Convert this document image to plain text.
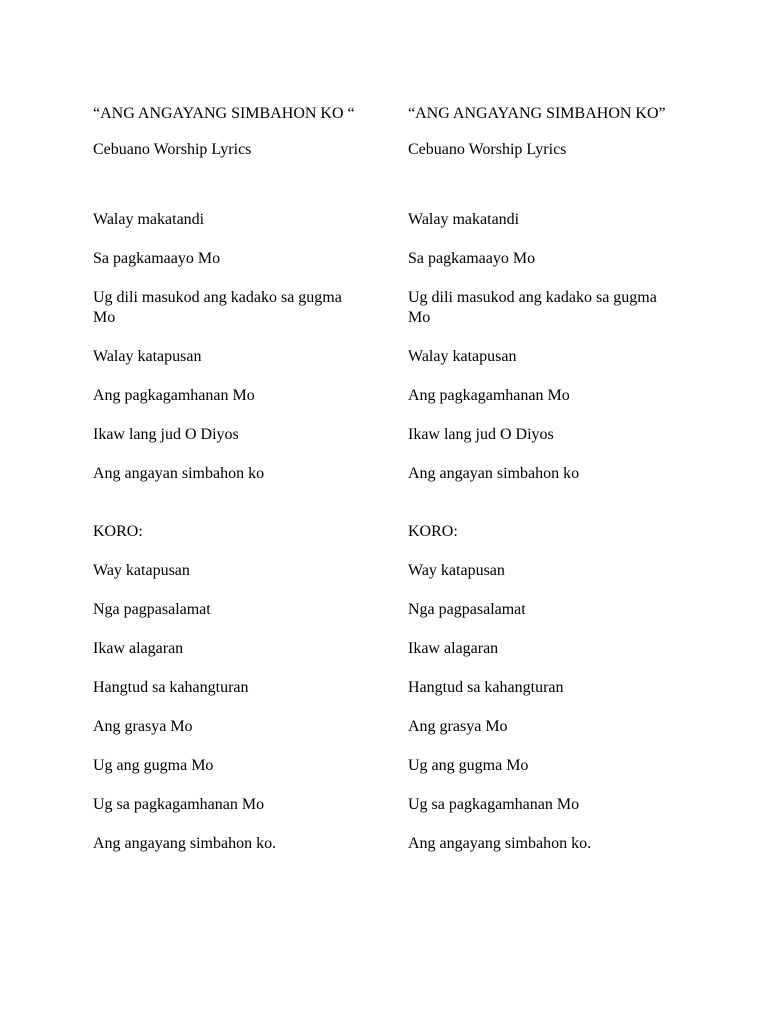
“ANG ANGAYANG SIMBAHON KO “
Cebuano Worship Lyrics
Walay makatandi
Sa pagkamaayo Mo
Ug dili masukod ang kadako sa gugma Mo
Walay katapusan
Ang pagkagamhanan Mo
Ikaw lang jud O Diyos
Ang angayan simbahon ko
KORO:
Way katapusan
Nga pagpasalamat
Ikaw alagaran
Hangtud sa kahangturan
Ang grasya Mo
Ug ang gugma Mo
Ug sa pagkagamhanan Mo
Ang angayang simbahon ko.
“ANG ANGAYANG SIMBAHON KO”
Cebuano Worship Lyrics
Walay makatandi
Sa pagkamaayo Mo
Ug dili masukod ang kadako sa gugma Mo
Walay katapusan
Ang pagkagamhanan Mo
Ikaw lang jud O Diyos
Ang angayan simbahon ko
KORO:
Way katapusan
Nga pagpasalamat
Ikaw alagaran
Hangtud sa kahangturan
Ang grasya Mo
Ug ang gugma Mo
Ug sa pagkagamhanan Mo
Ang angayang simbahon ko.
